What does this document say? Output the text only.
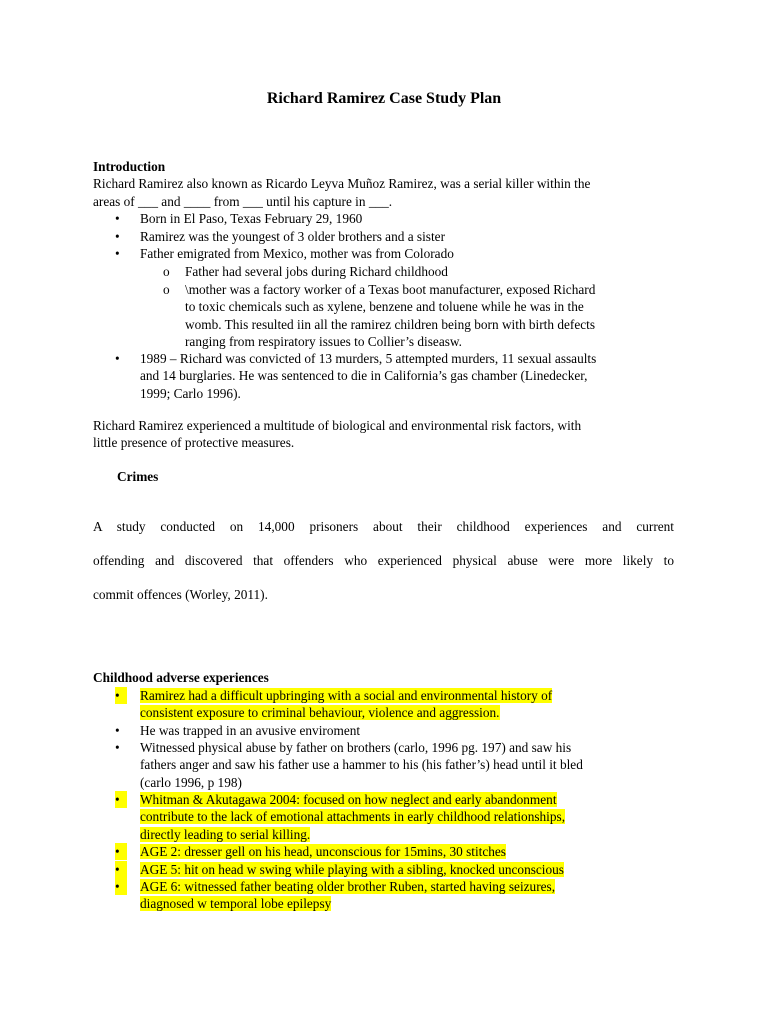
Richard Ramirez Case Study Plan
Introduction
Richard Ramirez also known as Ricardo Leyva Muñoz Ramirez, was a serial killer within the
areas of ___ and ____ from ___ until his capture in ___.
•	Born in El Paso, Texas February 29, 1960
•	Ramirez was the youngest of 3 older brothers and a sister
•	Father emigrated from Mexico, mother was from Colorado
o	Father had several jobs during Richard childhood
o	\mother was a factory worker of a Texas boot manufacturer, exposed Richard
to toxic chemicals such as xylene, benzene and toluene while he was in the
womb. This resulted iin all the ramirez children being born with birth defects
ranging from respiratory issues to Collier’s diseasw.
•	1989 – Richard was convicted of 13 murders, 5 attempted murders, 11 sexual assaults
and 14 burglaries. He was sentenced to die in California’s gas chamber (Linedecker,
1999; Carlo 1996).
Richard Ramirez experienced a multitude of biological and environmental risk factors, with
little presence of protective measures.
Crimes
A study conducted on 14,000 prisoners about their childhood experiences and current
offending and discovered that offenders who experienced physical abuse were more likely to
commit offences (Worley, 2011).
Childhood adverse experiences
•	Ramirez had a difficult upbringing with a social and environmental history of
consistent exposure to criminal behaviour, violence and aggression.
•	He was trapped in an avusive enviroment
•	Witnessed physical abuse by father on brothers (carlo, 1996 pg. 197) and saw his
fathers anger and saw his father use a hammer to his (his father’s) head until it bled
(carlo 1996, p 198)
•	Whitman & Akutagawa 2004: focused on how neglect and early abandonment
contribute to the lack of emotional attachments in early childhood relationships,
directly leading to serial killing.
•	AGE 2: dresser gell on his head, unconscious for 15mins, 30 stitches
•	AGE 5: hit on head w swing while playing with a sibling, knocked unconscious
•	AGE 6: witnessed father beating older brother Ruben, started having seizures,
diagnosed w temporal lobe epilepsy
